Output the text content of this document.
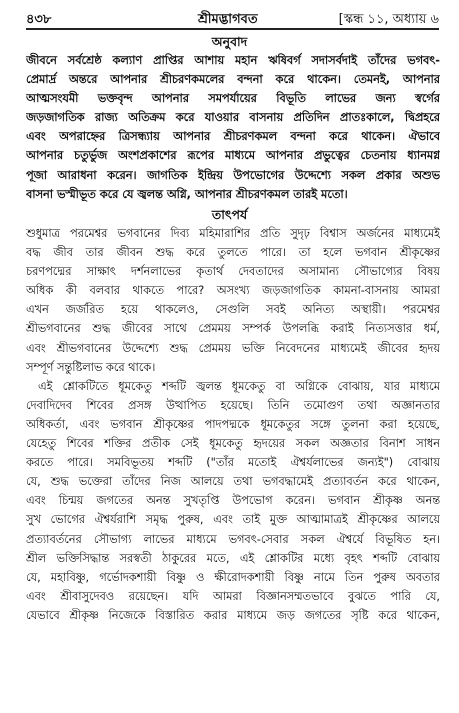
৪৩৮	শ্রীমদ্ভাগবত	[স্কন্ধ ১১, অধ্যায় ৬
অনুবাদ
জীবনে সর্বশ্রেষ্ঠ কল্যাণ প্রাপ্তির আশায় মহান ঋষিবর্গ সদাসর্বদাই তাঁদের ভগবৎ-
প্রেমার্দ্র অন্তরে আপনার শ্রীচরণকমলের বন্দনা করে থাকেন। তেমনই, আপনার
আত্মসংযমী ভক্তবৃন্দ আপনার সমপর্যায়ের বিভূতি লাভের জন্য স্বর্গের
জড়জাগতিক রাজ্য অতিক্রম করে যাওয়ার বাসনায় প্রতিদিন প্রাতঃকালে, দ্বিপ্রহরে
এবং অপরাহ্নের ত্রিসন্ধ্যায় আপনার শ্রীচরণকমল বন্দনা করে থাকেন। ঐভাবে
আপনার চতুর্ভুজ অংশপ্রকাশের রূপের মাধ্যমে আপনার প্রভুত্বের চেতনায় ধ্যানমগ্ন
পূজা আরাধনা করেন। জাগতিক ইন্দ্রিয় উপভোগের উদ্দেশ্যে সকল প্রকার অশুভ
বাসনা ভস্মীভূত করে যে জ্বলন্ত অগ্নি, আপনার শ্রীচরণকমল তারই মতো।
তাৎপর্য
শুধুমাত্র পরমেশ্বর ভগবানের দিব্য মহিমারাশির প্রতি সুদৃঢ় বিশ্বাস অর্জনের মাধ্যমেই
বদ্ধ জীব তার জীবন শুদ্ধ করে তুলতে পারে। তা হলে ভগবান শ্রীকৃষ্ণের
চরণপদ্মের সাক্ষাৎ দর্শনলাভের কৃতার্থ দেবতাদের অসামান্য সৌভাগ্যের বিষয়
অধিক কী বলবার থাকতে পারে? অসংখ্য জড়জাগতিক কামনা-বাসনায় আমরা
এখন জর্জরিত হয়ে থাকলেও, সেগুলি সবই অনিত্য অস্থায়ী। পরমেশ্বর
শ্রীভগবানের শুদ্ধ জীবের সাথে প্রেমময় সম্পর্ক উপলব্ধি করাই নিত্যসত্তার ধর্ম,
এবং শ্রীভগবানের উদ্দেশ্যে শুদ্ধ প্রেমময় ভক্তি নিবেদনের মাধ্যমেই জীবের হৃদয়
সম্পূর্ণ সন্তুষ্টিলাভ করে থাকে।
এই শ্লোকটিতে ধূমকেতু শব্দটি জ্বলন্ত ধূমকেতু বা অগ্নিকে বোঝায়, যার মাধ্যমে
দেবাদিদেব শিবের প্রসঙ্গ উত্থাপিত হয়েছে। তিনি তমোগুণ তথা অজ্ঞানতার
অধিকর্তা, এবং ভগবান শ্রীকৃষ্ণের পাদপদ্মকে ধূমকেতুর সঙ্গে তুলনা করা হয়েছে,
যেহেতু শিবের শক্তির প্রতীক সেই ধূমকেতু হৃদয়ের সকল অজ্ঞতার বিনাশ সাধন
করতে পারে। সমবিভূতয় শব্দটি ("তাঁর মতোই ঐশ্বর্যলাভের জন্যই") বোঝায়
যে, শুদ্ধ ভক্তেরা তাঁদের নিজ আলয়ে তথা ভগবদ্ধামেই প্রত্যাবর্তন করে থাকেন,
এবং চিন্ময় জগতের অনন্ত সুখতৃপ্তি উপভোগ করেন। ভগবান শ্রীকৃষ্ণ অনন্ত
সুখ ভোগের ঐশ্বর্যরাশি সমৃদ্ধ পুরুষ, এবং তাই মুক্ত আত্মামাত্রই শ্রীকৃষ্ণের আলয়ে
প্রত্যাবর্তনের সৌভাগ্য লাভের মাধ্যমে ভগবৎ-সেবার সকল ঐশ্বর্যে বিভূষিত হন।
শ্রীল ভক্তিসিদ্ধান্ত সরস্বতী ঠাকুরের মতে, এই শ্লোকটির মধ্যে বৃহৎ শব্দটি বোঝায়
যে, মহাবিষ্ণু, গর্ভোদকশায়ী বিষ্ণু ও ক্ষীরোদকশায়ী বিষ্ণু নামে তিন পুরুষ অবতার
এবং শ্রীবাসুদেবও রয়েছেন। যদি আমরা বিজ্ঞানসম্মতভাবে বুঝতে পারি যে,
যেভাবে শ্রীকৃষ্ণ নিজেকে বিস্তারিত করার মাধ্যমে জড় জগতের সৃষ্টি করে থাকেন,
